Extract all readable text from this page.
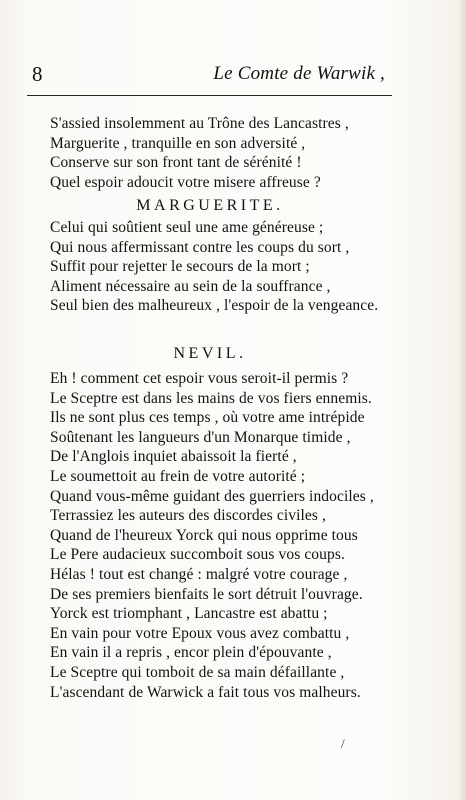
8	Le Comte de Warwik ,
S'assied insolemment au Trône des Lancastres ,
Marguerite , tranquille en son adversité ,
Conserve sur son front tant de sérénité !
Quel espoir adoucit votre misere affreuse ?
MARGUERITE.
Celui qui soûtient seul une ame généreuse ;
Qui nous affermissant contre les coups du sort ,
Suffit pour rejetter le secours de la mort ;
Aliment nécessaire au sein de la souffrance ,
Seul bien des malheureux , l'espoir de la vengeance.
NEVIL.
Eh ! comment cet espoir vous seroit-il permis ?
Le Sceptre est dans les mains de vos fiers ennemis.
Ils ne sont plus ces temps , où votre ame intrépide
Soûtenant les langueurs d'un Monarque timide ,
De l'Anglois inquiet abaissoit la fierté ,
Le soumettoit au frein de votre autorité ;
Quand vous-même guidant des guerriers indociles ,
Terrassiez les auteurs des discordes civiles ,
Quand de l'heureux Yorck qui nous opprime tous
Le Pere audacieux succomboit sous vos coups.
Hélas ! tout est changé : malgré votre courage ,
De ses premiers bienfaits le sort détruit l'ouvrage.
Yorck est triomphant , Lancastre est abattu ;
En vain pour votre Epoux vous avez combattu ,
En vain il a repris , encor plein d'épouvante ,
Le Sceptre qui tomboit de sa main défaillante ,
L'ascendant de Warwick a fait tous vos malheurs.
/
